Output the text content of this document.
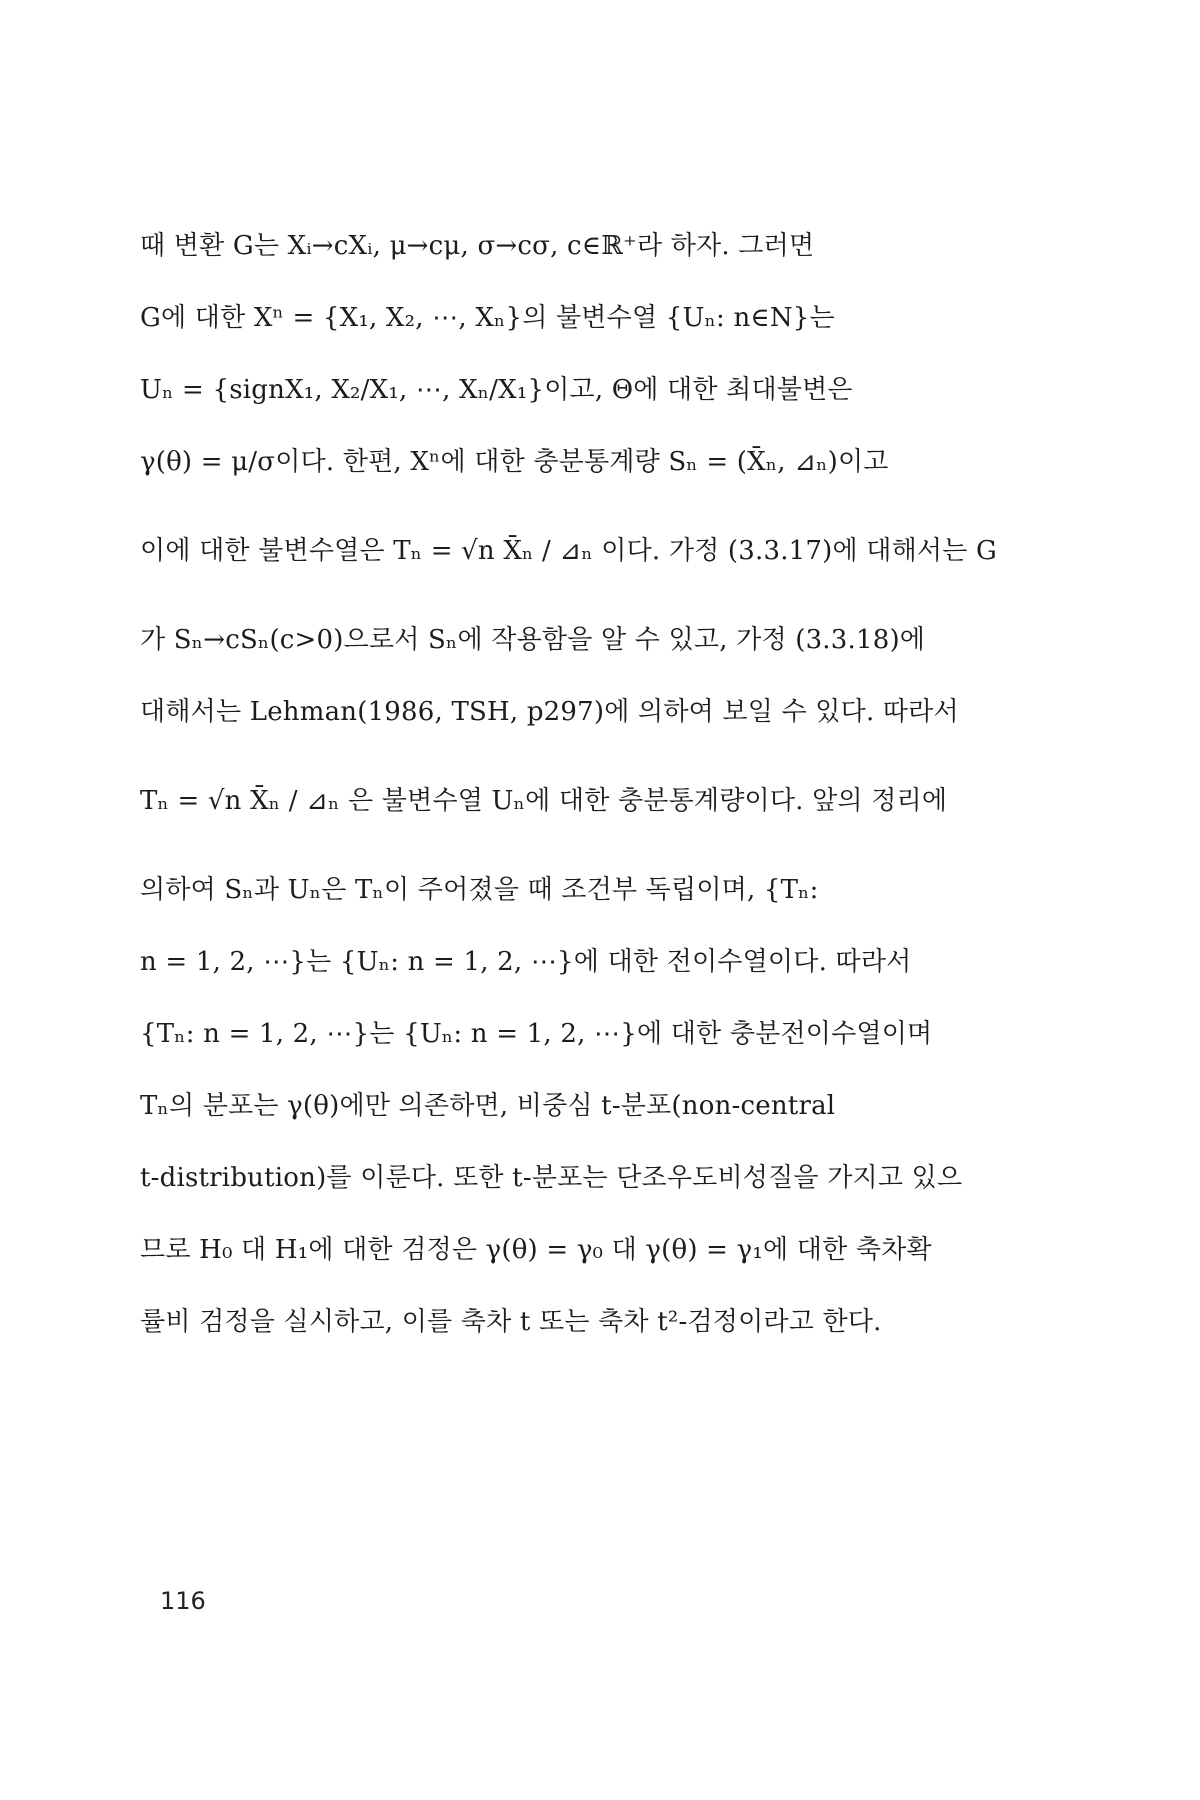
때 변환 G는 Xᵢ→cXᵢ, μ→cμ, σ→cσ, c∈ℝ⁺라 하자. 그러면
G에 대한 Xⁿ = {X₁, X₂, ⋯, Xₙ}의 불변수열 {Uₙ: n∈N}는
Uₙ = {signX₁, X₂/X₁, ⋯, Xₙ/X₁}이고, Θ에 대한 최대불변은
γ(θ) = μ/σ이다. 한편, Xⁿ에 대한 충분통계량 Sₙ = (X̄ₙ, ⊿ₙ)이고
이에 대한 불변수열은 Tₙ = √n X̄ₙ / ⊿ₙ 이다. 가정 (3.3.17)에 대해서는 G
가 Sₙ→cSₙ(c>0)으로서 Sₙ에 작용함을 알 수 있고, 가정 (3.3.18)에
대해서는 Lehman(1986, TSH, p297)에 의하여 보일 수 있다. 따라서
Tₙ = √n X̄ₙ / ⊿ₙ 은 불변수열 Uₙ에 대한 충분통계량이다. 앞의 정리에
의하여 Sₙ과 Uₙ은 Tₙ이 주어졌을 때 조건부 독립이며, {Tₙ:
n = 1, 2, ⋯}는 {Uₙ: n = 1, 2, ⋯}에 대한 전이수열이다. 따라서
{Tₙ: n = 1, 2, ⋯}는 {Uₙ: n = 1, 2, ⋯}에 대한 충분전이수열이며
Tₙ의 분포는 γ(θ)에만 의존하면, 비중심 t-분포(non-central
t-distribution)를 이룬다. 또한 t-분포는 단조우도비성질을 가지고 있으
므로 H₀ 대 H₁에 대한 검정은 γ(θ) = γ₀ 대 γ(θ) = γ₁에 대한 축차확
률비 검정을 실시하고, 이를 축차 t 또는 축차 t²-검정이라고 한다.
116
